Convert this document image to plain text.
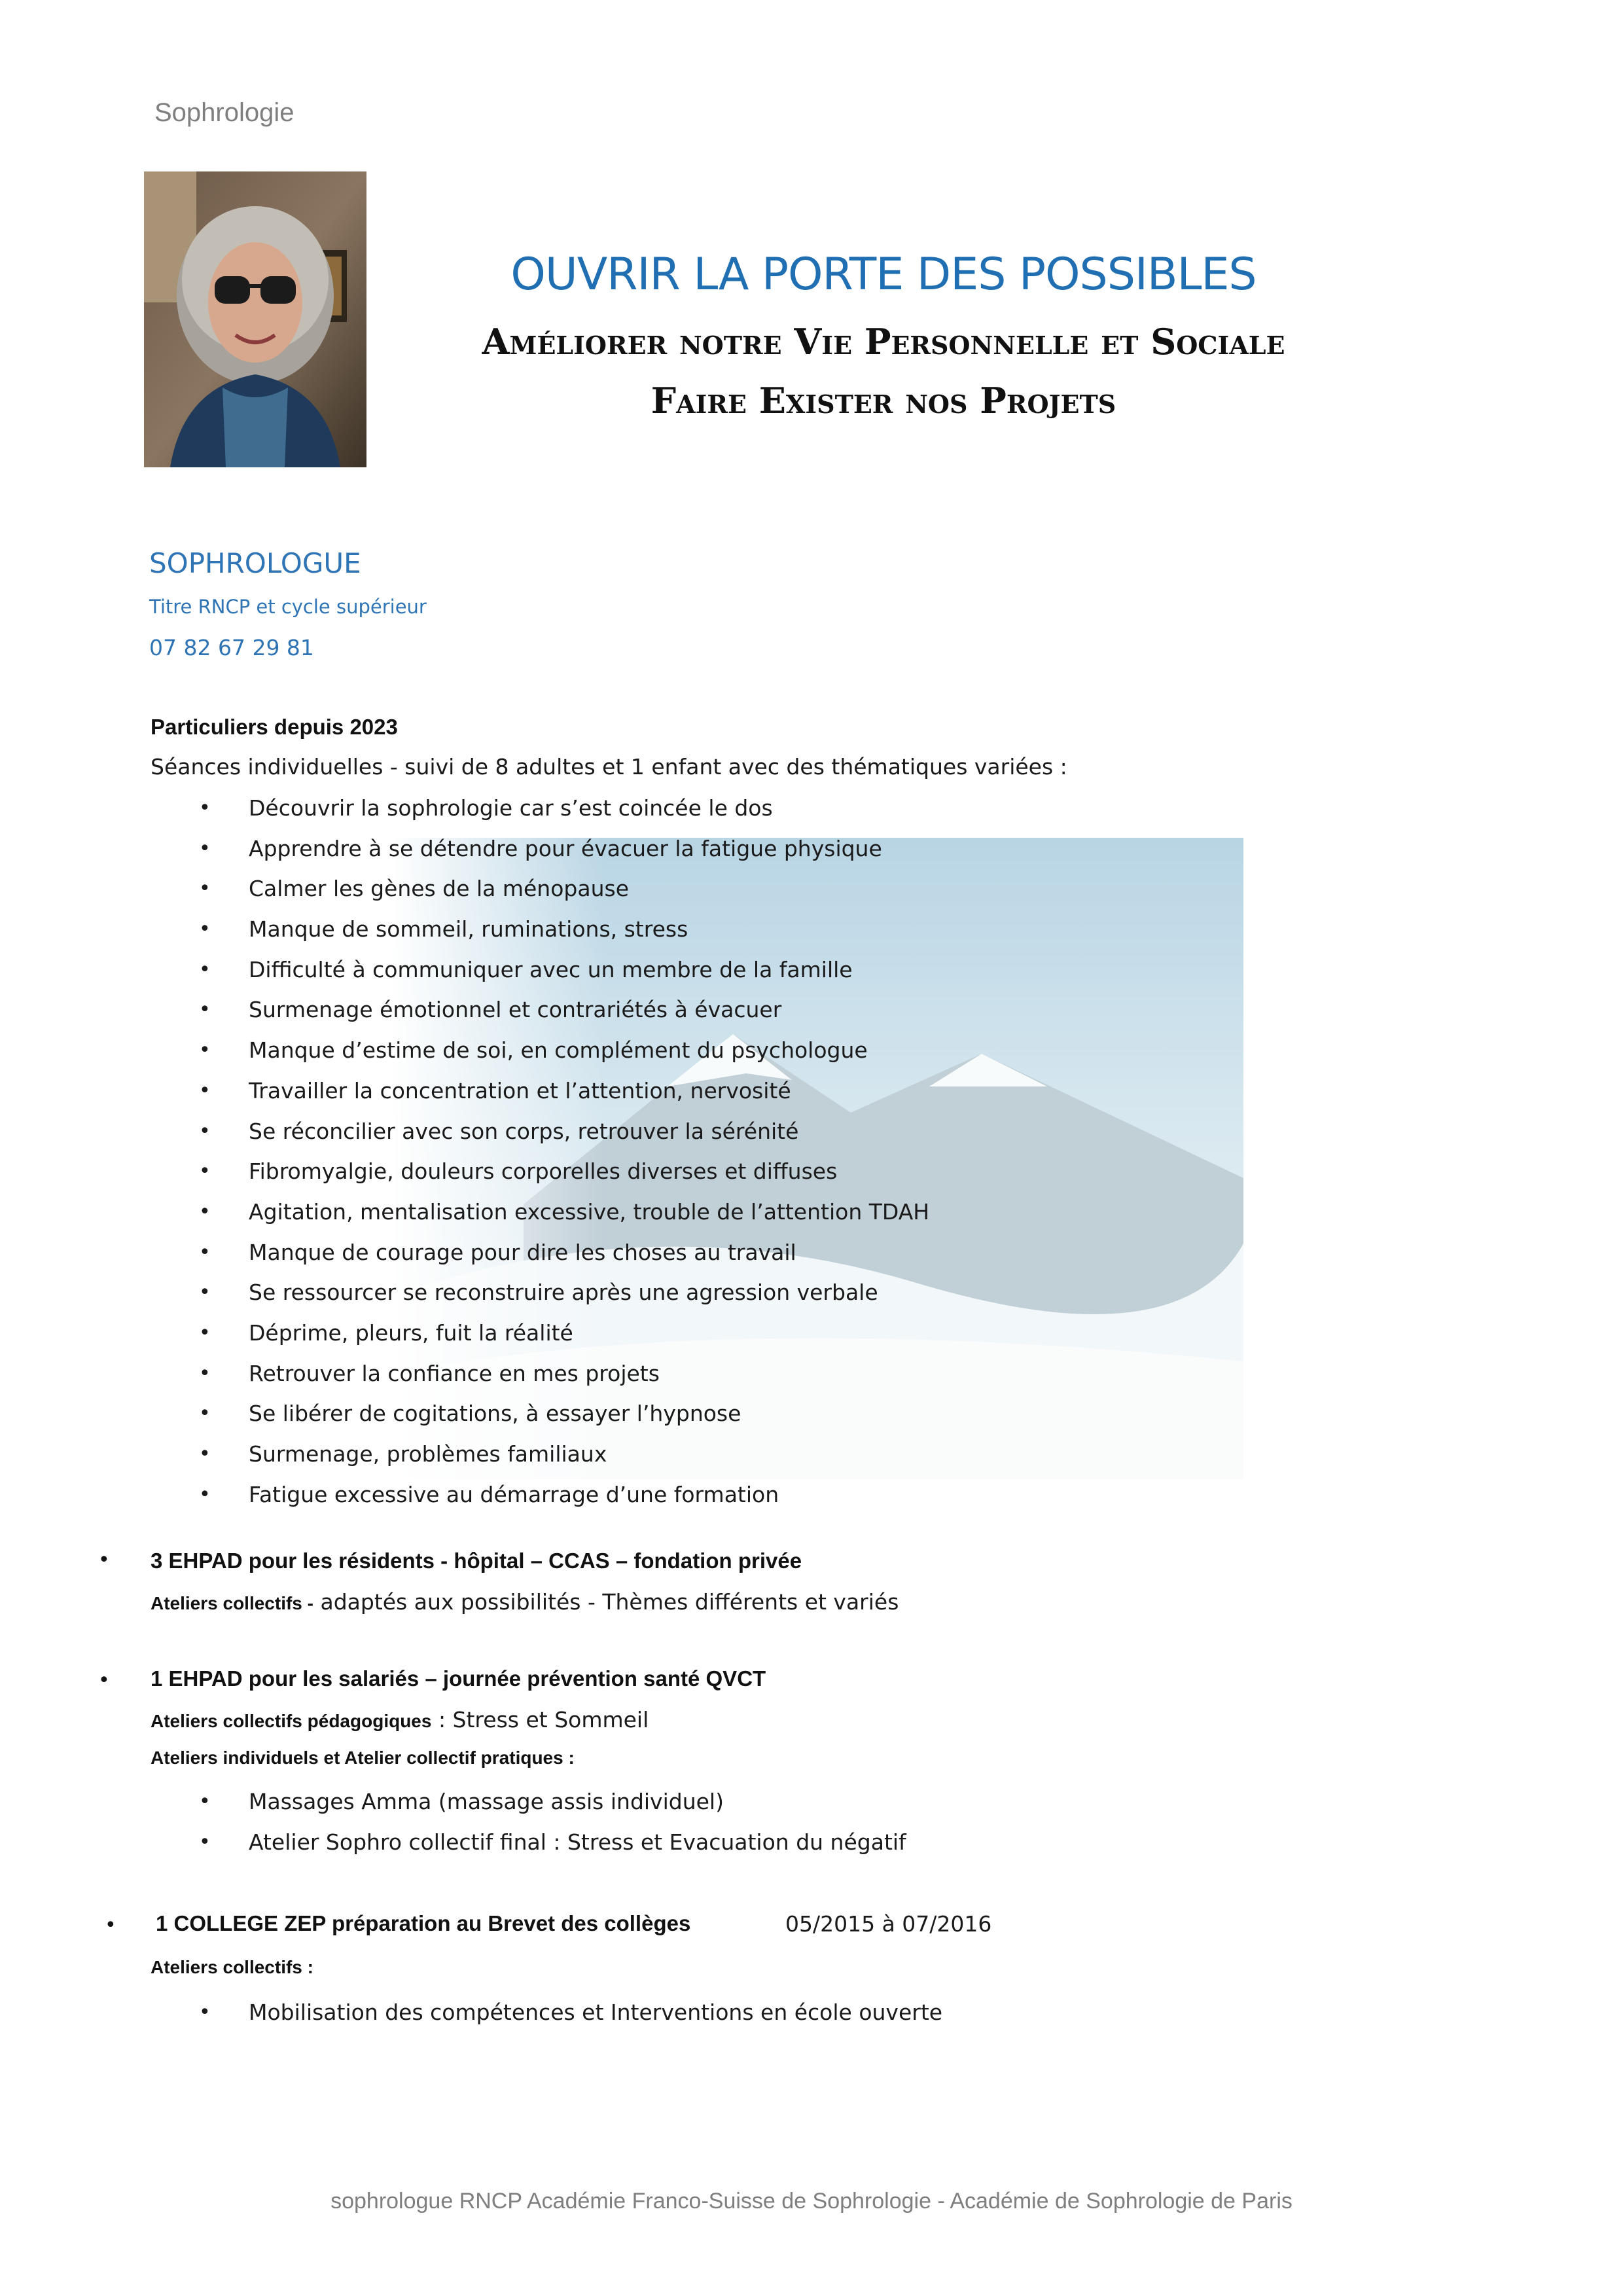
Sophrologie
OUVRIR LA PORTE DES POSSIBLES
Améliorer notre Vie Personnelle et Sociale
Faire Exister nos Projets
SOPHROLOGUE
Titre RNCP et cycle supérieur
07 82 67 29 81
Particuliers depuis 2023
Séances individuelles - suivi de 8 adultes et 1 enfant avec des thématiques variées :
• Découvrir la sophrologie car s’est coincée le dos
• Apprendre à se détendre pour évacuer la fatigue physique
• Calmer les gènes de la ménopause
• Manque de sommeil, ruminations, stress
• Difficulté à communiquer avec un membre de la famille
• Surmenage émotionnel et contrariétés à évacuer
• Manque d’estime de soi, en complément du psychologue
• Travailler la concentration et l’attention, nervosité
• Se réconcilier avec son corps, retrouver la sérénité
• Fibromyalgie, douleurs corporelles diverses et diffuses
• Agitation, mentalisation excessive, trouble de l’attention TDAH
• Manque de courage pour dire les choses au travail
• Se ressourcer se reconstruire après une agression verbale
• Déprime, pleurs, fuit la réalité
• Retrouver la confiance en mes projets
• Se libérer de cogitations, à essayer l’hypnose
• Surmenage, problèmes familiaux
• Fatigue excessive au démarrage d’une formation
• 3 EHPAD pour les résidents - hôpital – CCAS – fondation privée
Ateliers collectifs - adaptés aux possibilités - Thèmes différents et variés
• 1 EHPAD pour les salariés – journée prévention santé QVCT
Ateliers collectifs pédagogiques : Stress et Sommeil
Ateliers individuels et Atelier collectif pratiques :
• Massages Amma (massage assis individuel)
• Atelier Sophro collectif final : Stress et Evacuation du négatif
• 1 COLLEGE ZEP préparation au Brevet des collèges	05/2015 à 07/2016
Ateliers collectifs :
• Mobilisation des compétences et Interventions en école ouverte
sophrologue RNCP Académie Franco-Suisse de Sophrologie - Académie de Sophrologie de Paris
